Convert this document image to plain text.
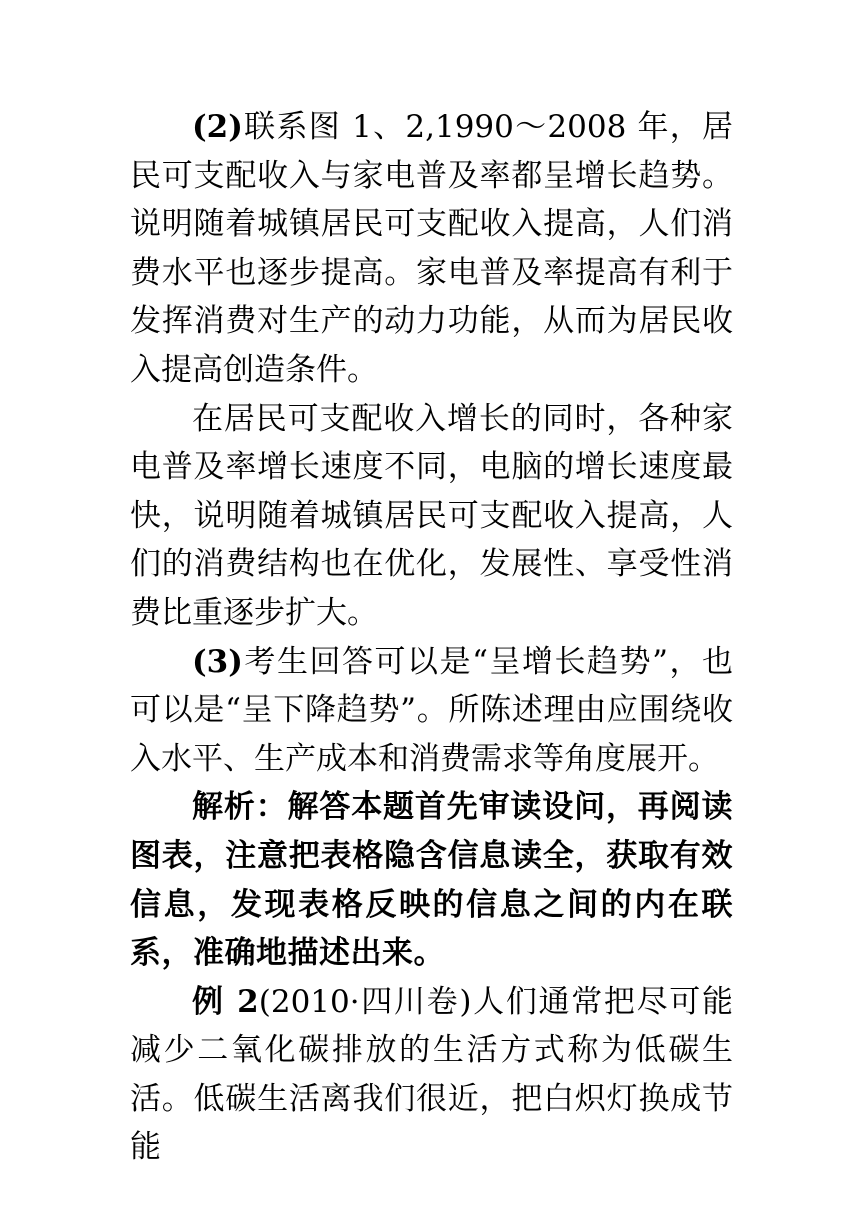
(2)联系图 1、2,1990～2008 年，居民可支配收入与家电普及率都呈增长趋势。说明随着城镇居民可支配收入提高，人们消费水平也逐步提高。家电普及率提高有利于发挥消费对生产的动力功能，从而为居民收入提高创造条件。

在居民可支配收入增长的同时，各种家电普及率增长速度不同，电脑的增长速度最快，说明随着城镇居民可支配收入提高，人们的消费结构也在优化，发展性、享受性消费比重逐步扩大。

(3)考生回答可以是“呈增长趋势”，也可以是“呈下降趋势”。所陈述理由应围绕收入水平、生产成本和消费需求等角度展开。

解析：解答本题首先审读设问，再阅读图表，注意把表格隐含信息读全，获取有效信息，发现表格反映的信息之间的内在联系，准确地描述出来。

例 2(2010·四川卷)人们通常把尽可能减少二氧化碳排放的生活方式称为低碳生活。低碳生活离我们很近，把白炽灯换成节能
